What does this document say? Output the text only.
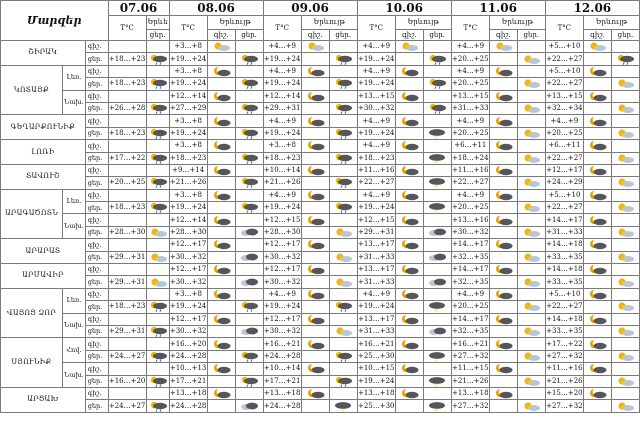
Մարզեր			07.06		08.06			09.06			10.06			11.06			12.06		
			T°C	Երևե	T°C	Երևույթ		T°C	Երևույթ		T°C	Երևույթ		T°C	Երևույթ		T°C	Երևույթ	
				ցեր.		գիշ.	ցեր.		գիշ.	ցեր.		գիշ.	ցեր.		գիշ.	ցեր.		գիշ.	ցեր.
ՇԻՐԱԿ		գիշ.			+3…+8			+4…+9			+4…+9			+4…+9			+5…+10	

		ցեր.	+18…+23		+19…+24			+19…+24			+19…+24			+20…+25			+22…+27		

ԿՈՏԱՅՔ	Լեռ.	գիշ.			+3…+8			+4…+9			+4…+9			+4…+9			+5…+10	

		ցեր.	+18…+23		+19…+24			+19…+24			+19…+24			+20…+25			+22…+27		

	Նախ.	գիշ.			+12…+14			+12…+14			+13…+15			+13…+15			+13…+15	

		ցեր.	+26…+28		+27…+29			+29…+31			+30…+32			+31…+33			+32…+34		

ԳԵՂԱՐՔՈՒՆԻՔ		գիշ.			+3…+8			+4…+9			+4…+9			+4…+9			+4…+9	

		ցեր.	+18…+23		+19…+24			+19…+24			+19…+24			+20…+25			+20…+25		

ԼՈՌԻ		գիշ.			+3…+8			+3…+8			+4…+9			+6…+11			+6…+11	

		ցեր.	+17…+22		+18…+23			+18…+23			+18…+23			+18…+24			+22…+27		

ՏԱՎՈՒՇ		գիշ.			+9…+14			+10…+14			+11…+16			+11…+16			+12…+17	

		ցեր.	+20…+25		+21…+26			+21…+26			+22…+27			+22…+27			+24…+29		

ԱՐԱԳԱԾՈՏՆ	Լեռ.	գիշ.			+3…+8			+4…+9			+4…+9			+4…+9			+5…+10	

		ցեր.	+18…+23		+19…+24			+19…+24			+19…+24			+20…+25			+22…+27		

	Նախ.	գիշ.			+12…+14			+12…+15			+12…+15			+13…+16			+14…+17	

		ցեր.	+28…+30		+28…+30			+28…+30			+29…+31			+30…+32			+31…+33		

ԱՐԱՐԱՏ		գիշ.			+12…+17			+12…+17			+13…+17			+14…+17			+14…+18	

		ցեր.	+29…+31		+30…+32			+30…+32			+31…+33			+32…+35			+33…+35		

ԱՐՄԱՎԻՐ		գիշ.			+12…+17			+12…+17			+13…+17			+14…+17			+14…+18	

		ցեր.	+29…+31		+30…+32			+30…+32			+31…+33			+32…+35			+33…+35		

ՎԱՅՈՑ ՁՈՐ	Լեռ.	գիշ.			+3…+8			+4…+9			+4…+9			+4…+9			+5…+10	

		ցեր.	+18…+23		+19…+24			+19…+24			+19…+24			+20…+25			+22…+27		

	Նախ.	գիշ.			+12…+17			+12…+17			+13…+17			+14…+17			+14…+18	

		ցեր.	+29…+31		+30…+32			+30…+32			+31…+33			+32…+35			+33…+35		

ՍՅՈՒՆԻՔ	Հով.	գիշ.			+16…+20			+16…+21			+16…+21			+16…+21			+17…+22	

		ցեր.	+24…+27		+24…+28			+24…+28			+25…+30			+27…+32			+27…+32		

	Նախ.	գիշ.			+10…+13			+10…+14			+10…+15			+11…+15			+11…+16	

		ցեր.	+16…+20		+17…+21			+17…+21			+19…+24			+21…+26			+21…+26		

ԱՐՑԱԽ		գիշ.			+13…+18			+13…+18			+13…+18			+13…+18			+15…+20	

		ցեր.	+24…+27		+24…+28			+24…+28			+25…+30			+27…+32			+27…+32		
